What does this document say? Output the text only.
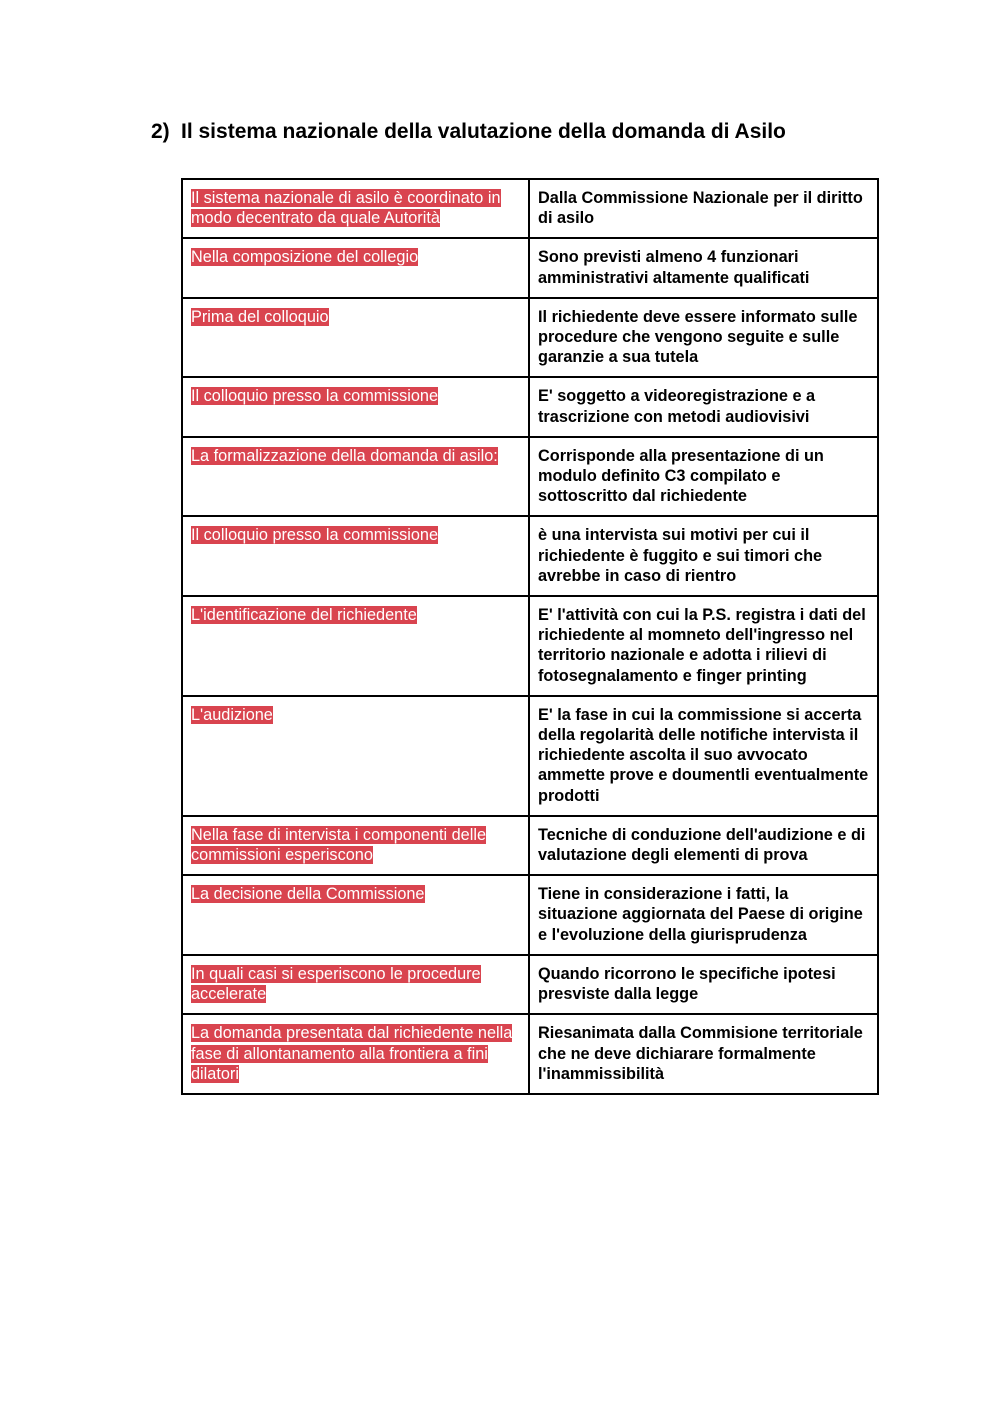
2) Il sistema nazionale della valutazione della domanda di Asilo
Il sistema nazionale di asilo è coordinato in modo decentrato da quale Autorità	Dalla Commissione Nazionale per il diritto di asilo
Nella composizione del collegio	Sono previsti almeno 4 funzionari amministrativi altamente qualificati
Prima del colloquio	Il richiedente deve essere informato sulle procedure che vengono seguite e sulle garanzie a sua tutela
Il colloquio presso la commissione	E' soggetto a videoregistrazione e a trascrizione con metodi audiovisivi
La formalizzazione della domanda di asilo:	Corrisponde alla presentazione di un modulo definito C3 compilato e sottoscritto dal richiedente
Il colloquio presso la commissione	è una intervista sui motivi per cui il richiedente è fuggito e sui timori che avrebbe in caso di rientro
L'identificazione del richiedente	E' l'attività con cui la P.S. registra i dati del richiedente al momneto dell'ingresso nel territorio nazionale e adotta i rilievi di fotosegnalamento e finger printing
L'audizione	E' la fase in cui la commissione si accerta della regolarità delle notifiche intervista il richiedente ascolta il suo avvocato ammette prove e doumentli eventualmente prodotti
Nella fase di intervista i componenti delle commissioni esperiscono	Tecniche di conduzione dell'audizione e di valutazione degli elementi di prova
La decisione della Commissione	Tiene in considerazione i fatti, la situazione aggiornata del Paese di origine e l'evoluzione della giurisprudenza
In quali casi si esperiscono le procedure accelerate	Quando ricorrono le specifiche ipotesi presviste dalla legge
La domanda presentata dal richiedente nella fase di allontanamento alla frontiera a fini dilatori	Riesanimata dalla Commisione territoriale che ne deve dichiarare formalmente l'inammissibilità
